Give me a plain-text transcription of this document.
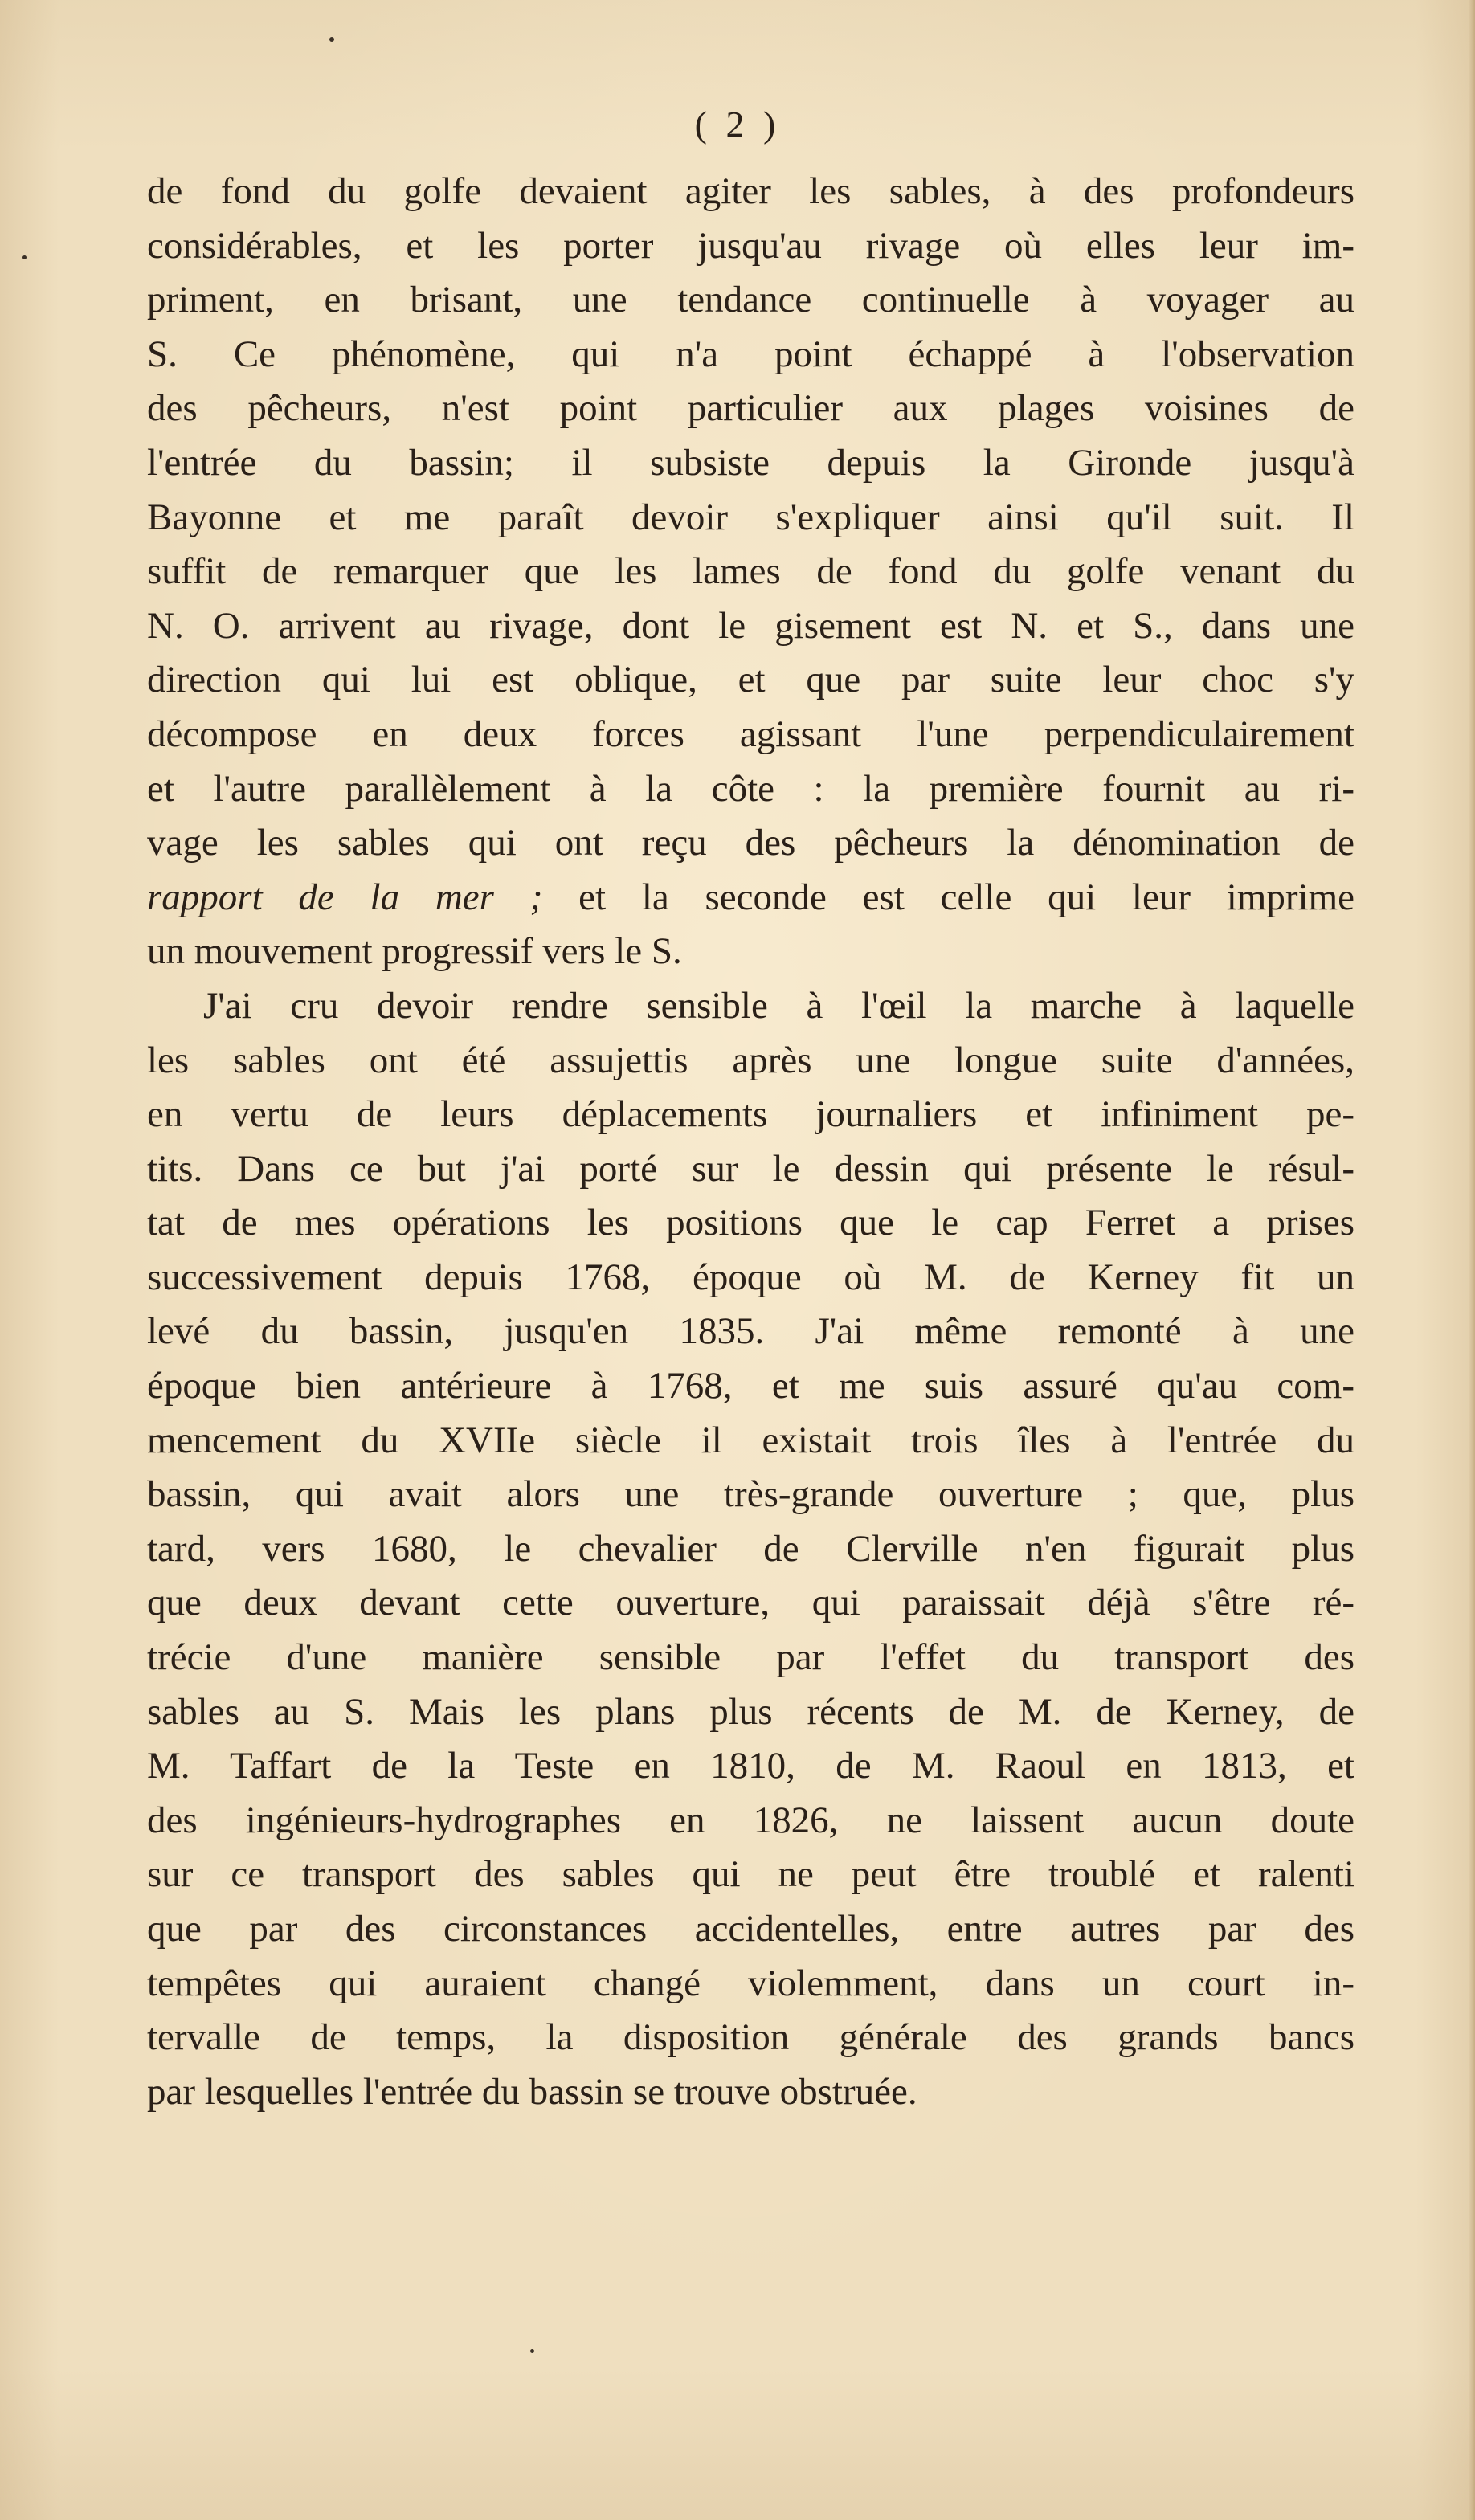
( 2 )
de fond du golfe devaient agiter les sables, à des profondeurs
considérables, et les porter jusqu'au rivage où elles leur im-
priment, en brisant, une tendance continuelle à voyager au
S. Ce phénomène, qui n'a point échappé à l'observation
des pêcheurs, n'est point particulier aux plages voisines de
l'entrée du bassin; il subsiste depuis la Gironde jusqu'à
Bayonne et me paraît devoir s'expliquer ainsi qu'il suit. Il
suffit de remarquer que les lames de fond du golfe venant du
N. O. arrivent au rivage, dont le gisement est N. et S., dans une
direction qui lui est oblique, et que par suite leur choc s'y
décompose en deux forces agissant l'une perpendiculairement
et l'autre parallèlement à la côte : la première fournit au ri-
vage les sables qui ont reçu des pêcheurs la dénomination de
rapport de la mer ; et la seconde est celle qui leur imprime
un mouvement progressif vers le S.
J'ai cru devoir rendre sensible à l'œil la marche à laquelle
les sables ont été assujettis après une longue suite d'années,
en vertu de leurs déplacements journaliers et infiniment pe-
tits. Dans ce but j'ai porté sur le dessin qui présente le résul-
tat de mes opérations les positions que le cap Ferret a prises
successivement depuis 1768, époque où M. de Kerney fit un
levé du bassin, jusqu'en 1835. J'ai même remonté à une
époque bien antérieure à 1768, et me suis assuré qu'au com-
mencement du XVIIe siècle il existait trois îles à l'entrée du
bassin, qui avait alors une très-grande ouverture ; que, plus
tard, vers 1680, le chevalier de Clerville n'en figurait plus
que deux devant cette ouverture, qui paraissait déjà s'être ré-
trécie d'une manière sensible par l'effet du transport des
sables au S. Mais les plans plus récents de M. de Kerney, de
M. Taffart de la Teste en 1810, de M. Raoul en 1813, et
des ingénieurs-hydrographes en 1826, ne laissent aucun doute
sur ce transport des sables qui ne peut être troublé et ralenti
que par des circonstances accidentelles, entre autres par des
tempêtes qui auraient changé violemment, dans un court in-
tervalle de temps, la disposition générale des grands bancs
par lesquelles l'entrée du bassin se trouve obstruée.
